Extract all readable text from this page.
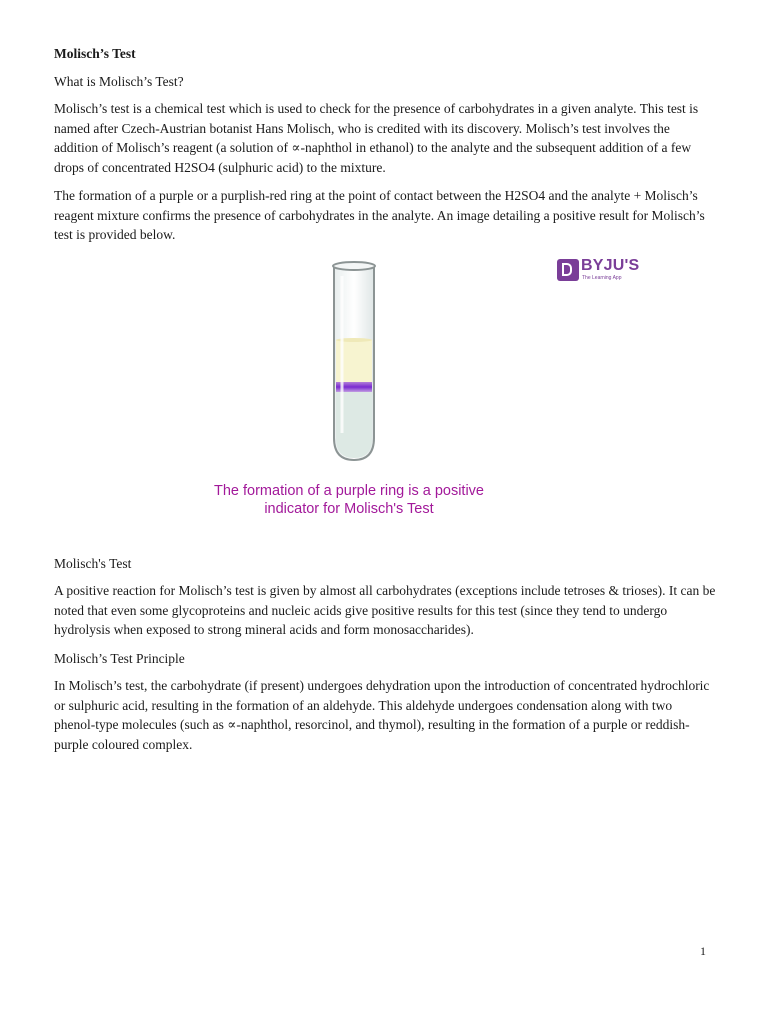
Molisch’s Test
What is Molisch’s Test?

Molisch’s test is a chemical test which is used to check for the presence of carbohydrates in a given analyte. This test is named after Czech-Austrian botanist Hans Molisch, who is credited with its discovery. Molisch’s test involves the addition of Molisch’s reagent (a solution of ∝-naphthol in ethanol) to the analyte and the subsequent addition of a few drops of concentrated H2SO4 (sulphuric acid) to the mixture.

The formation of a purple or a purplish-red ring at the point of contact between the H2SO4 and the analyte + Molisch’s reagent mixture confirms the presence of carbohydrates in the analyte. An image detailing a positive result for Molisch’s test is provided below.

BYJU'S
The Learning App
The formation of a purple ring is a positive
indicator for Molisch's Test
Molisch's Test

A positive reaction for Molisch’s test is given by almost all carbohydrates (exceptions include tetroses & trioses). It can be noted that even some glycoproteins and nucleic acids give positive results for this test (since they tend to undergo hydrolysis when exposed to strong mineral acids and form monosaccharides).

Molisch’s Test Principle

In Molisch’s test, the carbohydrate (if present) undergoes dehydration upon the introduction of concentrated hydrochloric or sulphuric acid, resulting in the formation of an aldehyde. This aldehyde undergoes condensation along with two phenol-type molecules (such as ∝-naphthol, resorcinol, and thymol), resulting in the formation of a purple or reddish-purple coloured complex.

1
